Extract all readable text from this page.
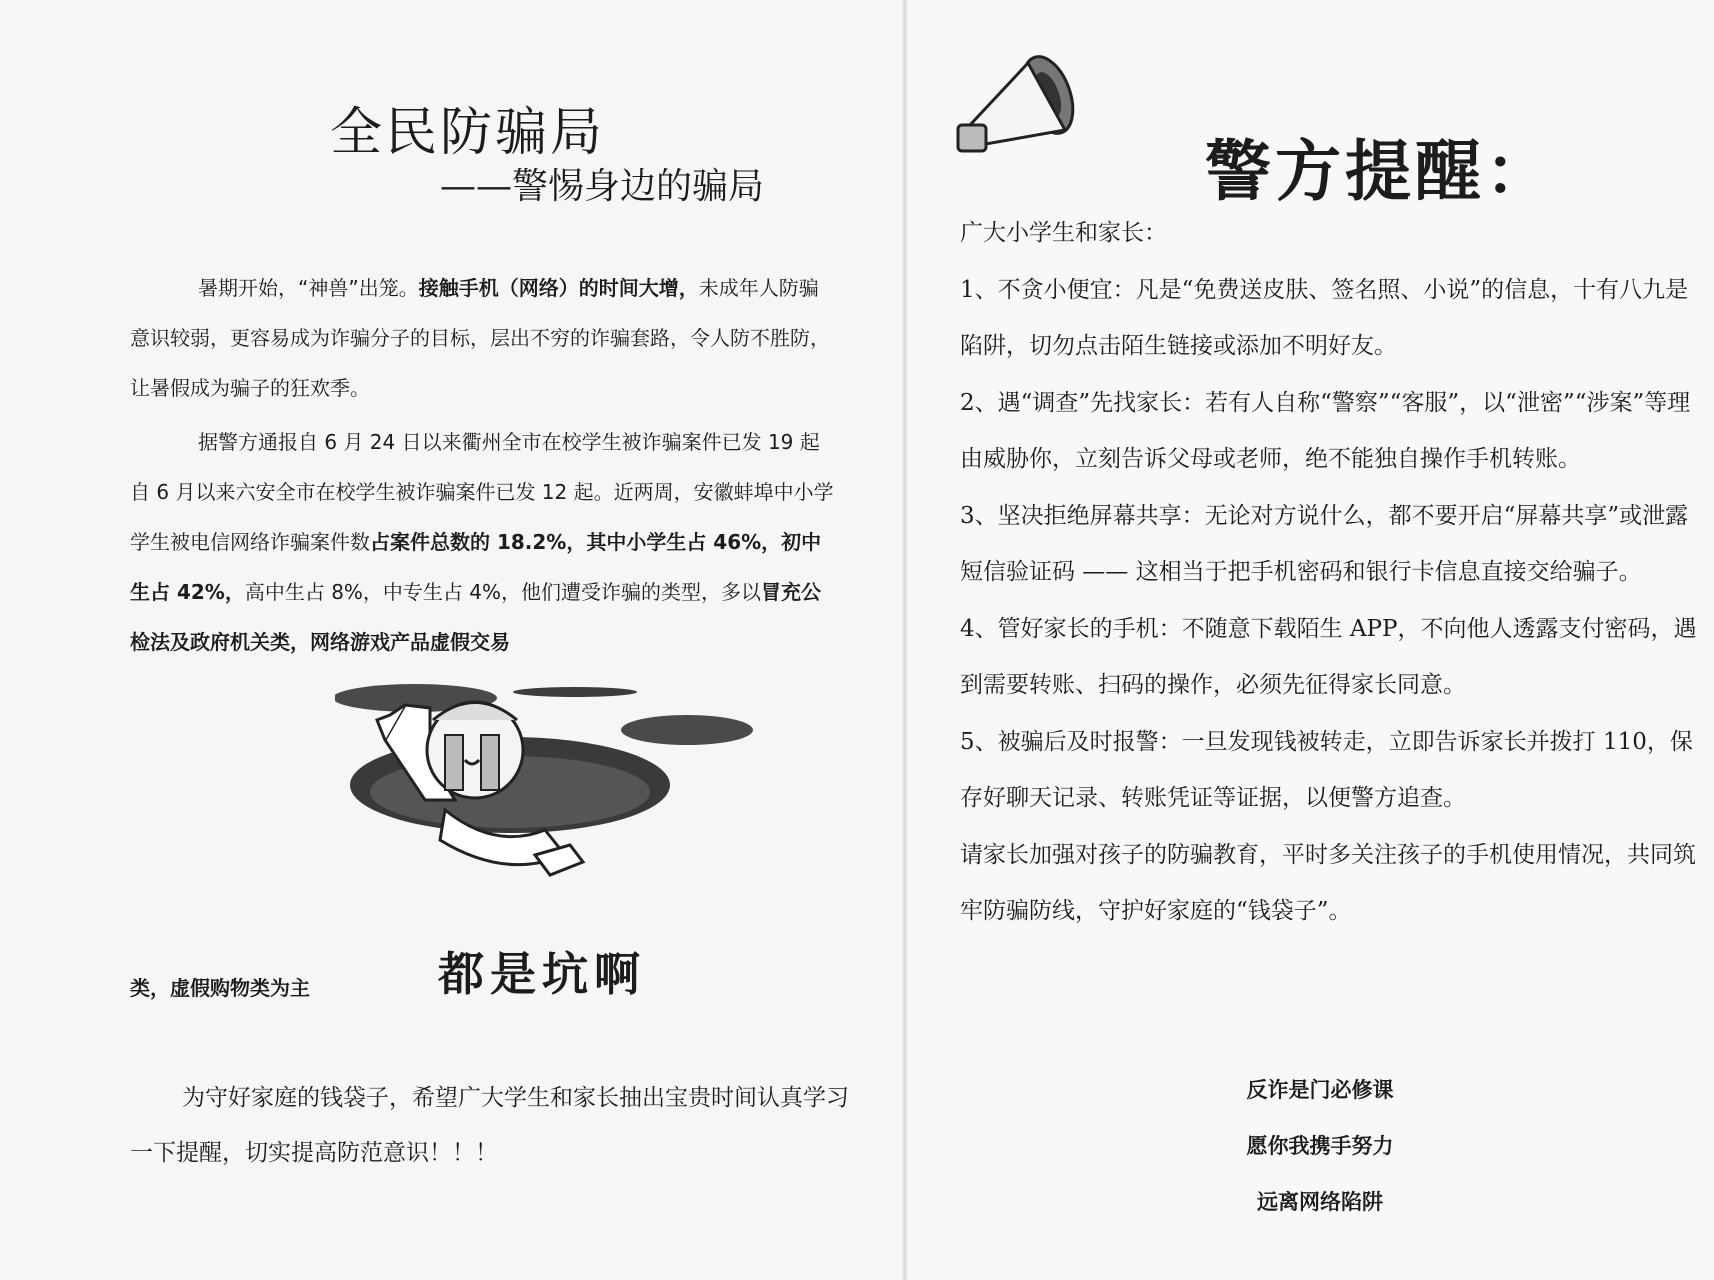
全民防骗局
——警惕身边的骗局

暑期开始，“神兽”出笼。接触手机（网络）的时间大增，未成年人防骗意识较弱，更容易成为诈骗分子的目标，层出不穷的诈骗套路，令人防不胜防，让暑假成为骗子的狂欢季。

据警方通报自 6 月 24 日以来衢州全市在校学生被诈骗案件已发 19 起自 6 月以来六安全市在校学生被诈骗案件已发 12 起。近两周，安徽蚌埠中小学学生被电信网络诈骗案件数占案件总数的 18.2%，其中小学生占 46%，初中生占 42%，高中生占 8%，中专生占 4%，他们遭受诈骗的类型，多以冒充公检法及政府机关类，网络游戏产品虚假交易

类，虚假购物类为主	都是坑啊

为守好家庭的钱袋子，希望广大学生和家长抽出宝贵时间认真学习一下提醒，切实提高防范意识！！！

警方提醒：

广大小学生和家长：

1、不贪小便宜：凡是“免费送皮肤、签名照、小说”的信息，十有八九是陷阱，切勿点击陌生链接或添加不明好友。

2、遇“调查”先找家长：若有人自称“警察”“客服”，以“泄密”“涉案”等理由威胁你，立刻告诉父母或老师，绝不能独自操作手机转账。

3、坚决拒绝屏幕共享：无论对方说什么，都不要开启“屏幕共享”或泄露短信验证码 —— 这相当于把手机密码和银行卡信息直接交给骗子。

4、管好家长的手机：不随意下载陌生 APP，不向他人透露支付密码，遇到需要转账、扫码的操作，必须先征得家长同意。

5、被骗后及时报警：一旦发现钱被转走，立即告诉家长并拨打 110，保存好聊天记录、转账凭证等证据，以便警方追查。

请家长加强对孩子的防骗教育，平时多关注孩子的手机使用情况，共同筑牢防骗防线，守护好家庭的“钱袋子”。

反诈是门必修课

愿你我携手努力

远离网络陷阱
